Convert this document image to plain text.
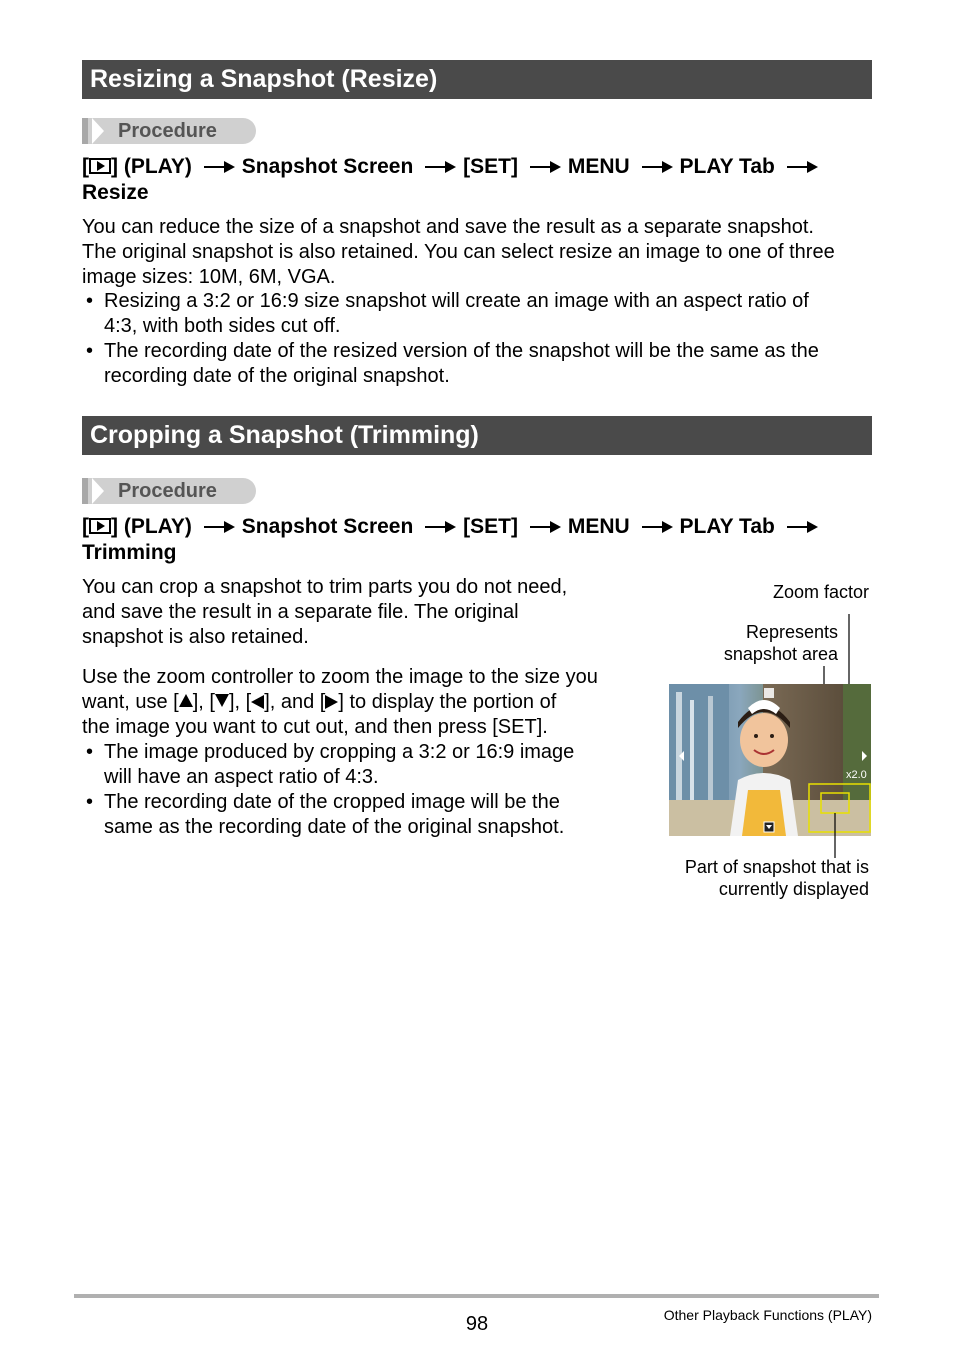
Resizing a Snapshot (Resize)
Procedure
[ ] (PLAY) Snapshot Screen [SET] MENU PLAY Tab
Resize
You can reduce the size of a snapshot and save the result as a separate snapshot.
The original snapshot is also retained. You can select resize an image to one of three
image sizes: 10M, 6M, VGA.
• Resizing a 3:2 or 16:9 size snapshot will create an image with an aspect ratio of
4:3, with both sides cut off.
• The recording date of the resized version of the snapshot will be the same as the
recording date of the original snapshot.
Cropping a Snapshot (Trimming)
Procedure
[ ] (PLAY) Snapshot Screen [SET] MENU PLAY Tab
Trimming
You can crop a snapshot to trim parts you do not need,
and save the result in a separate file. The original
snapshot is also retained.
Use the zoom controller to zoom the image to the size you
want, use [ ], [ ], [ ], and [ ] to display the portion of
the image you want to cut out, and then press [SET].
• The image produced by cropping a 3:2 or 16:9 image
will have an aspect ratio of 4:3.
• The recording date of the cropped image will be the
same as the recording date of the original snapshot.
Zoom factor
Represents
snapshot area
x2.0
Part of snapshot that is
currently displayed
98	Other Playback Functions (PLAY)
